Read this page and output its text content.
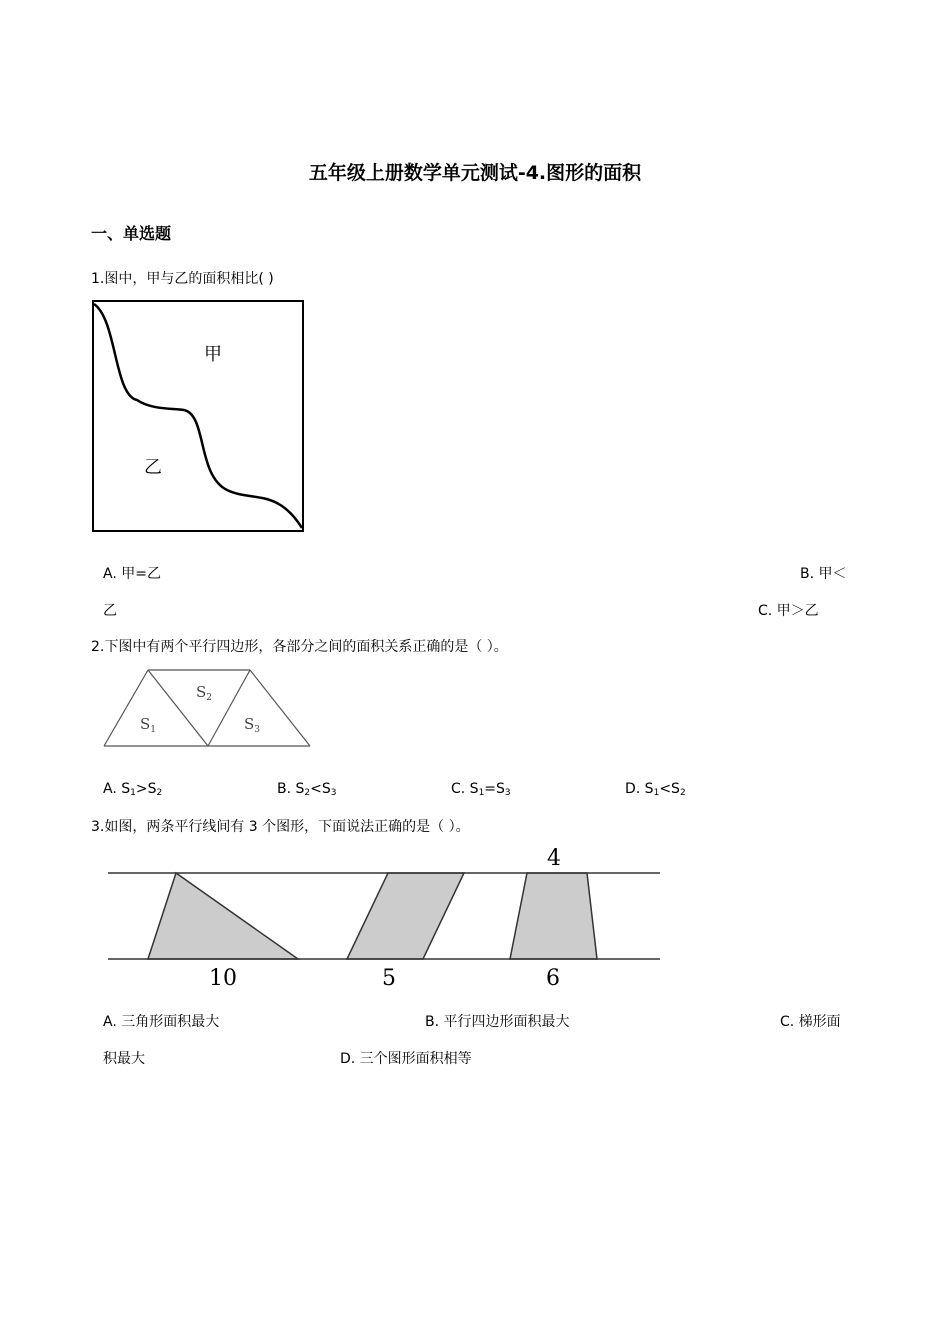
五年级上册数学单元测试-4.图形的面积
一、单选题
1.图中，甲与乙的面积相比( )
甲
乙
A. 甲=乙	B. 甲＜
乙	C. 甲＞乙
2.下图中有两个平行四边形，各部分之间的面积关系正确的是（ ）。
$S_1$
$S_2$
$S_3$
A. $S_1>S_2$	B. $S_2<S_3$	C. $S_1=S_3$	D. $S_1<S_2$
3.如图，两条平行线间有 3 个图形，下面说法正确的是（ ）。
4
10	5	6
A. 三角形面积最大	B. 平行四边形面积最大	C. 梯形面
积最大	D. 三个图形面积相等
